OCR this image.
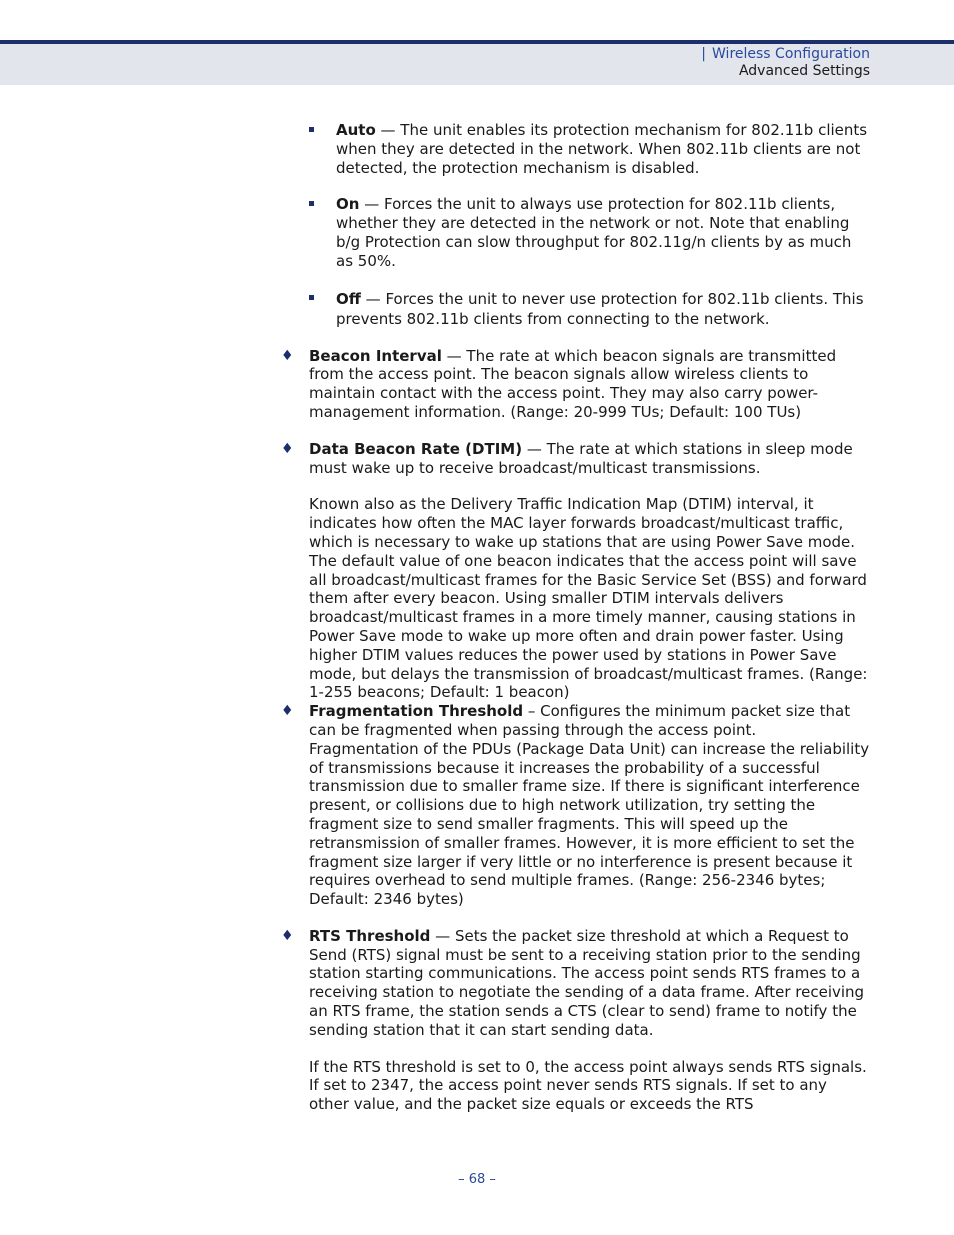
| Wireless Configuration
Advanced Settings

Auto — The unit enables its protection mechanism for 802.11b clients when they are detected in the network. When 802.11b clients are not detected, the protection mechanism is disabled.

On — Forces the unit to always use protection for 802.11b clients, whether they are detected in the network or not. Note that enabling b/g Protection can slow throughput for 802.11g/n clients by as much as 50%.

Off — Forces the unit to never use protection for 802.11b clients. This prevents 802.11b clients from connecting to the network.

♦ Beacon Interval — The rate at which beacon signals are transmitted from the access point. The beacon signals allow wireless clients to maintain contact with the access point. They may also carry power-management information. (Range: 20-999 TUs; Default: 100 TUs)

♦ Data Beacon Rate (DTIM) — The rate at which stations in sleep mode must wake up to receive broadcast/multicast transmissions.

Known also as the Delivery Traffic Indication Map (DTIM) interval, it indicates how often the MAC layer forwards broadcast/multicast traffic, which is necessary to wake up stations that are using Power Save mode. The default value of one beacon indicates that the access point will save all broadcast/multicast frames for the Basic Service Set (BSS) and forward them after every beacon. Using smaller DTIM intervals delivers broadcast/multicast frames in a more timely manner, causing stations in Power Save mode to wake up more often and drain power faster. Using higher DTIM values reduces the power used by stations in Power Save mode, but delays the transmission of broadcast/multicast frames. (Range: 1-255 beacons; Default: 1 beacon)

♦ Fragmentation Threshold – Configures the minimum packet size that can be fragmented when passing through the access point. Fragmentation of the PDUs (Package Data Unit) can increase the reliability of transmissions because it increases the probability of a successful transmission due to smaller frame size. If there is significant interference present, or collisions due to high network utilization, try setting the fragment size to send smaller fragments. This will speed up the retransmission of smaller frames. However, it is more efficient to set the fragment size larger if very little or no interference is present because it requires overhead to send multiple frames. (Range: 256-2346 bytes; Default: 2346 bytes)

♦ RTS Threshold — Sets the packet size threshold at which a Request to Send (RTS) signal must be sent to a receiving station prior to the sending station starting communications. The access point sends RTS frames to a receiving station to negotiate the sending of a data frame. After receiving an RTS frame, the station sends a CTS (clear to send) frame to notify the sending station that it can start sending data.

If the RTS threshold is set to 0, the access point always sends RTS signals. If set to 2347, the access point never sends RTS signals. If set to any other value, and the packet size equals or exceeds the RTS

– 68 –
